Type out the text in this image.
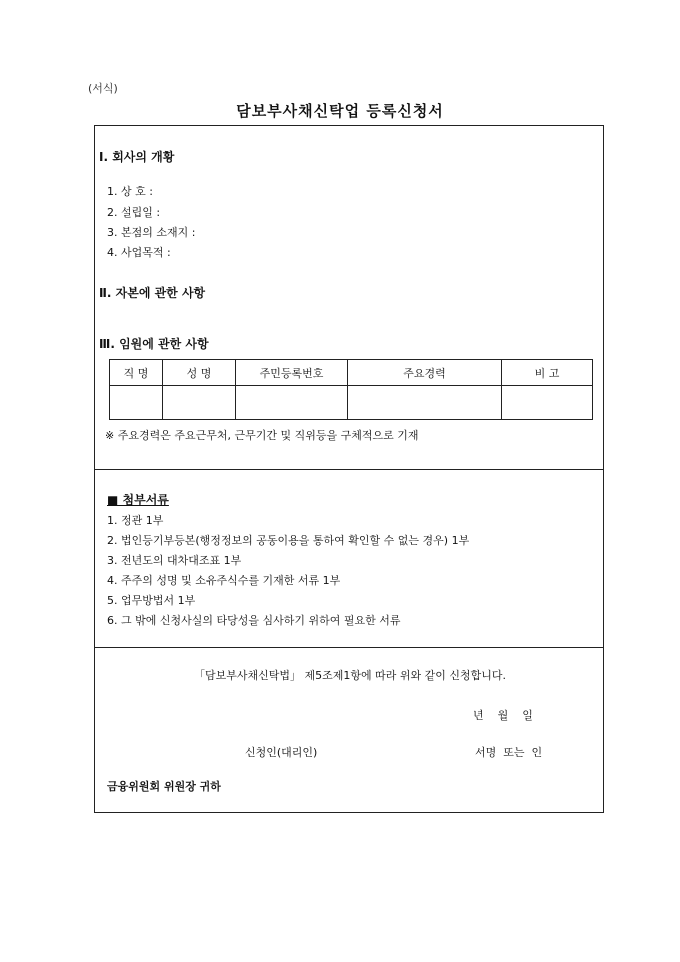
(서식)
담보부사채신탁업 등록신청서
Ⅰ. 회사의 개황
1. 상 호 :
2. 설립일 :
3. 본점의 소재지 :
4. 사업목적 :
Ⅱ. 자본에 관한 사항
Ⅲ. 임원에 관한 사항
직 명	성 명	주민등록번호	주요경력	비 고

※ 주요경력은 주요근무처, 근무기간 및 직위등을 구체적으로 기재
■ 첨부서류
1. 정관 1부
2. 법인등기부등본(행정정보의 공동이용을 통하여 확인할 수 없는 경우) 1부
3. 전년도의 대차대조표 1부
4. 주주의 성명 및 소유주식수를 기재한 서류 1부
5. 업무방법서 1부
6. 그 밖에 신청사실의 타당성을 심사하기 위하여 필요한 서류
「담보부사채신탁법」 제5조제1항에 따라 위와 같이 신청합니다.
년    월    일
신청인(대리인)	서명  또는  인
금융위원회 위원장 귀하
